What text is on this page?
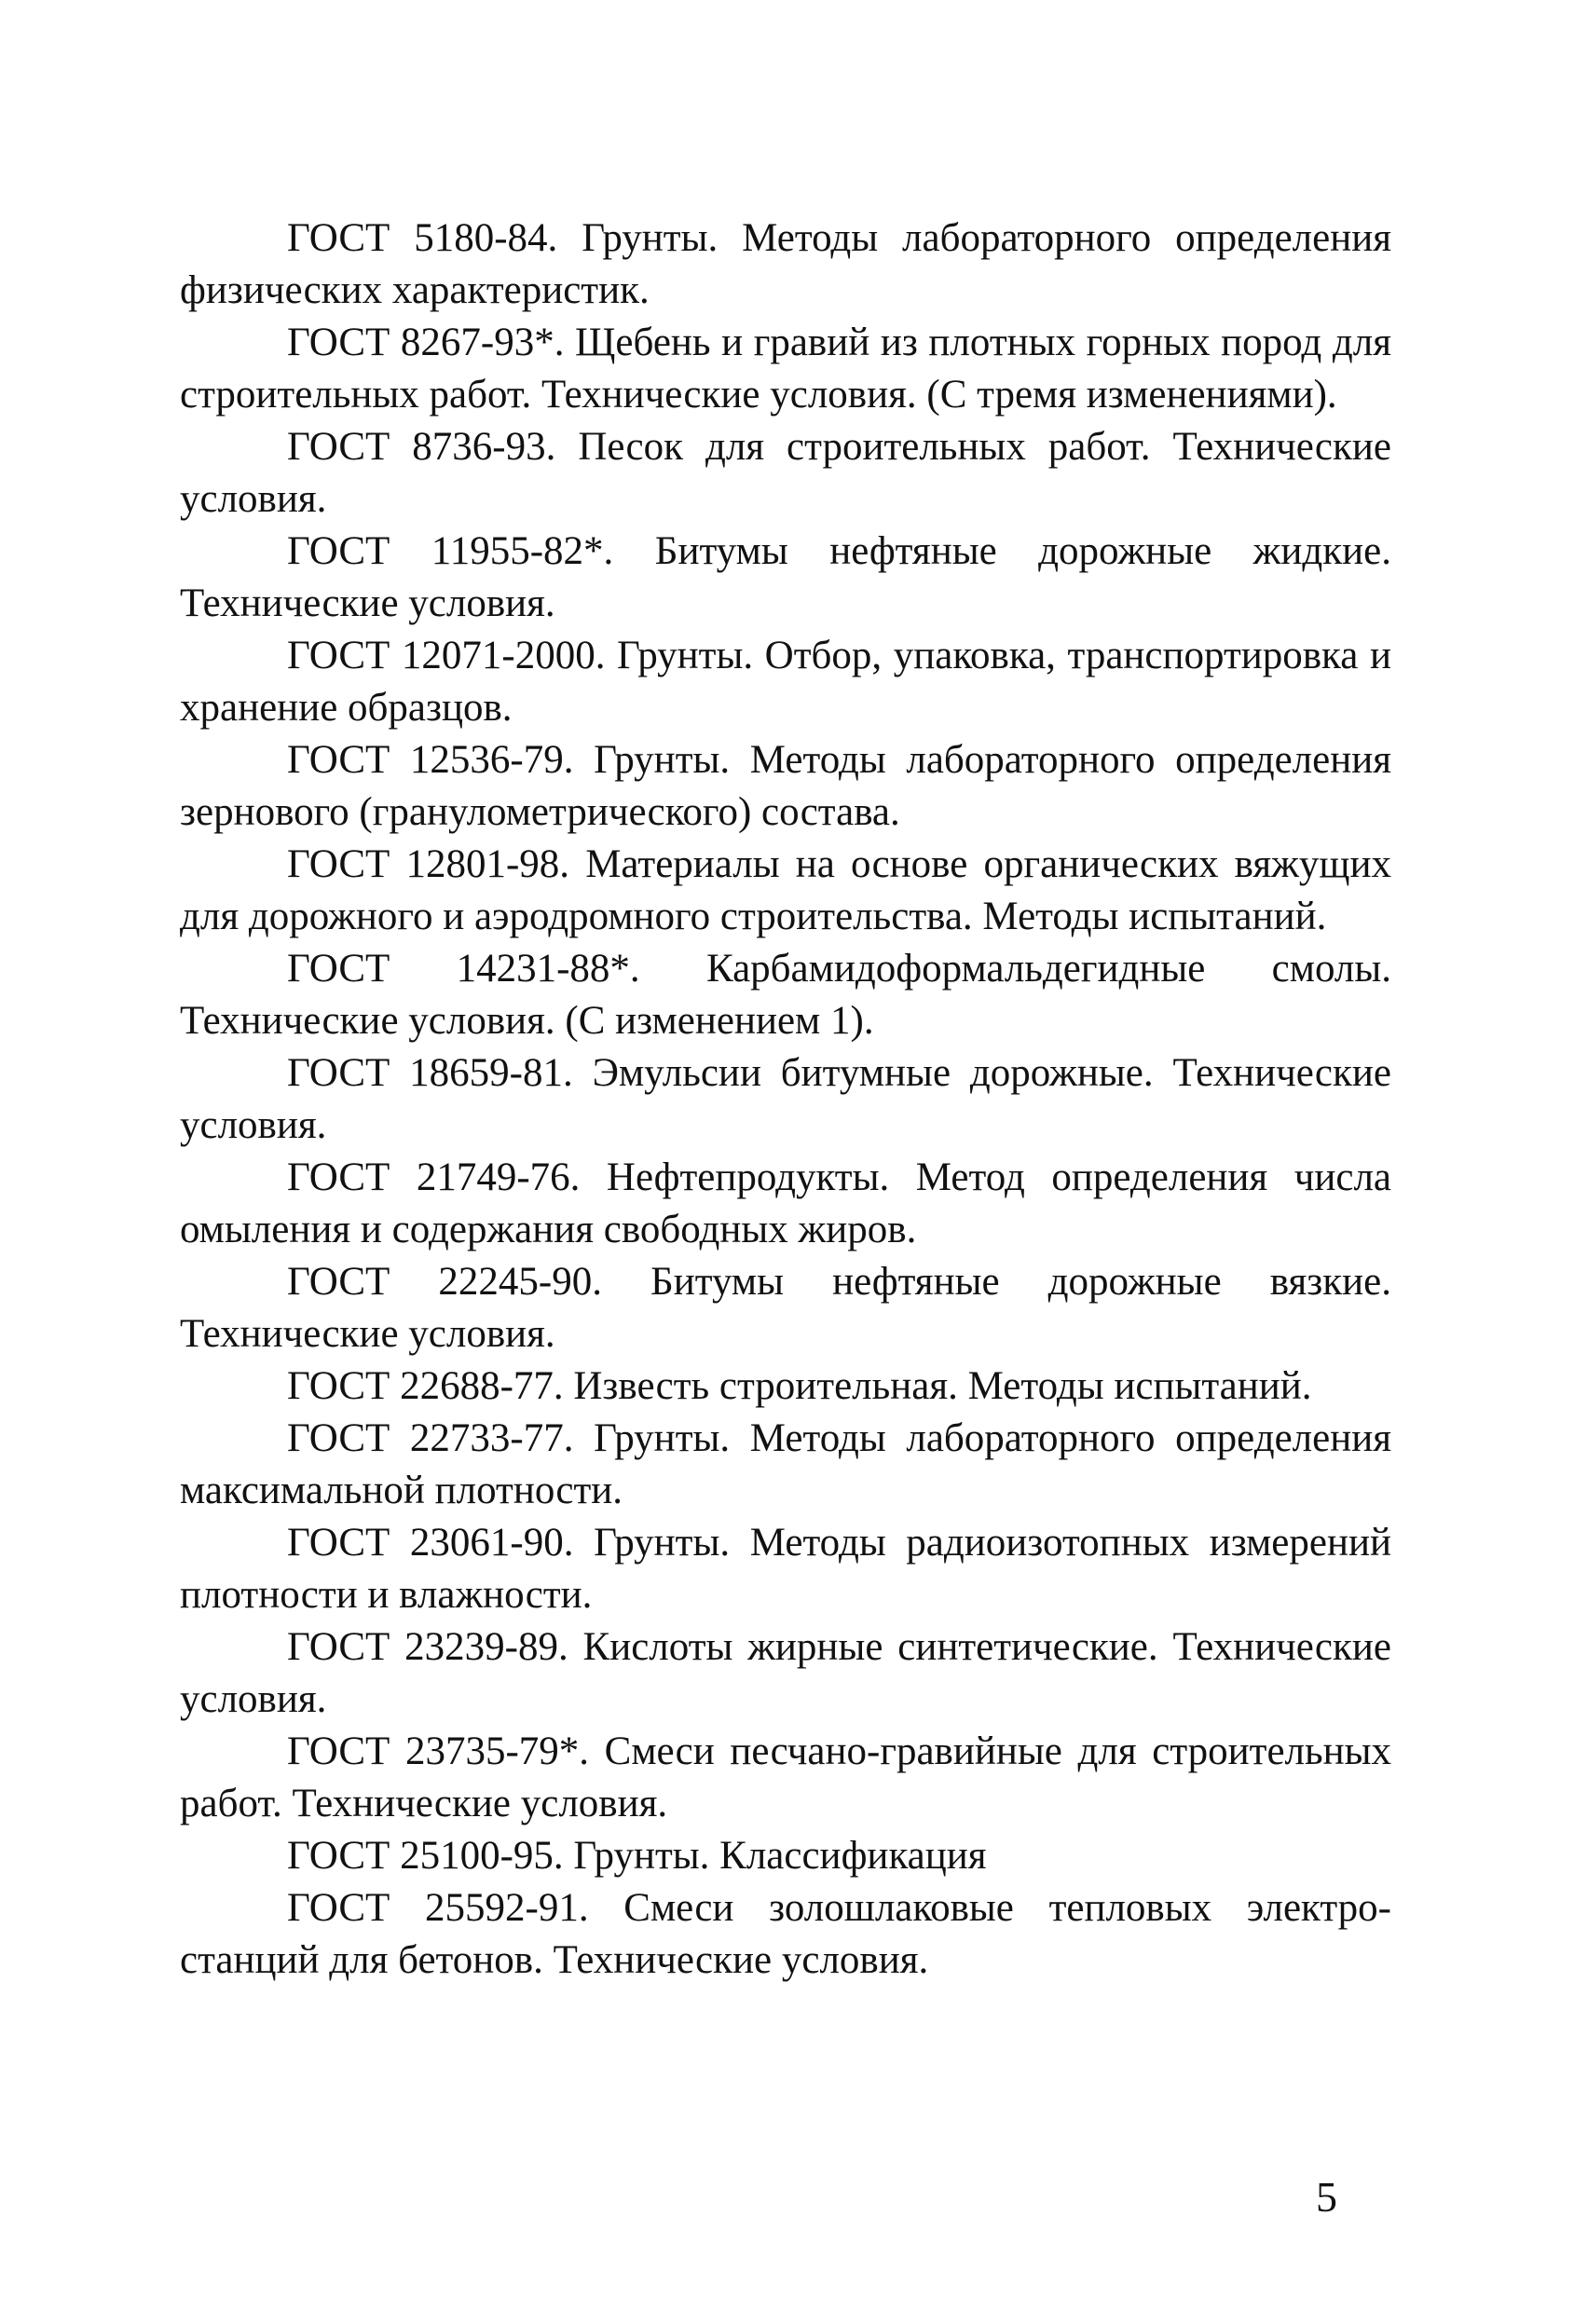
ГОСТ 5180-84. Грунты. Методы лабораторного определения физических характеристик.

ГОСТ 8267-93*. Щебень и гравий из плотных горных пород для строительных работ. Технические условия. (С тремя изменениями).

ГОСТ 8736-93. Песок для строительных работ. Технические условия.

ГОСТ 11955-82*. Битумы нефтяные дорожные жидкие. Технические условия.

ГОСТ 12071-2000. Грунты. Отбор, упаковка, транспортировка и хранение образцов.

ГОСТ 12536-79. Грунты. Методы лабораторного определения зернового (гранулометрического) состава.

ГОСТ 12801-98. Материалы на основе органических вяжущих для дорожного и аэродромного строительства. Методы испытаний.

ГОСТ 14231-88*. Карбамидоформальдегидные смолы. Технические условия. (С изменением 1).

ГОСТ 18659-81. Эмульсии битумные дорожные. Технические условия.

ГОСТ 21749-76. Нефтепродукты. Метод определения числа омыления и содержания свободных жиров.

ГОСТ 22245-90. Битумы нефтяные дорожные вязкие. Технические условия.

ГОСТ 22688-77. Известь строительная. Методы испытаний.

ГОСТ 22733-77. Грунты. Методы лабораторного определения максимальной плотности.

ГОСТ 23061-90. Грунты. Методы радиоизотопных измерений плотности и влажности.

ГОСТ 23239-89. Кислоты жирные синтетические. Технические условия.

ГОСТ 23735-79*. Смеси песчано-гравийные для строительных работ. Технические условия.

ГОСТ 25100-95. Грунты. Классификация

ГОСТ 25592-91. Смеси золошлаковые тепловых электростанций для бетонов. Технические условия.

5
